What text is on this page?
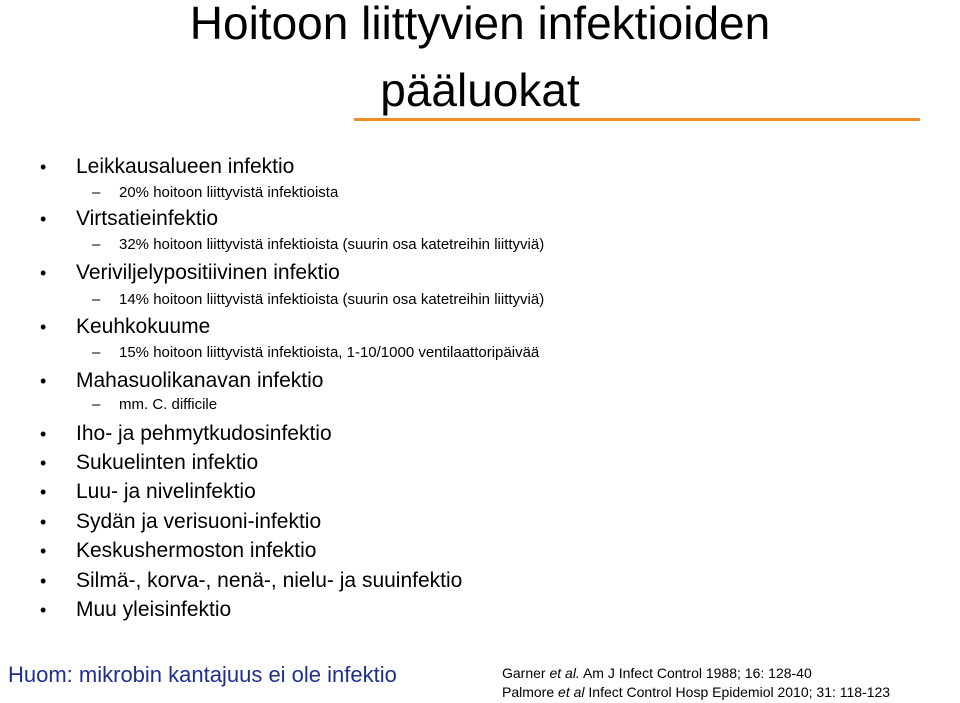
Hoitoon liittyvien infektioiden
pääluokat
• Leikkausalueen infektio
– 20% hoitoon liittyvistä infektioista
• Virtsatieinfektio
– 32% hoitoon liittyvistä infektioista (suurin osa katetreihin liittyviä)
• Veriviljelypositiivinen infektio
– 14% hoitoon liittyvistä infektioista (suurin osa katetreihin liittyviä)
• Keuhkokuume
– 15% hoitoon liittyvistä infektioista, 1-10/1000 ventilaattoripäivää
• Mahasuolikanavan infektio
– mm. C. difficile
• Iho- ja pehmytkudosinfektio
• Sukuelinten infektio
• Luu- ja nivelinfektio
• Sydän ja verisuoni-infektio
• Keskushermoston infektio
• Silmä-, korva-, nenä-, nielu- ja suuinfektio
• Muu yleisinfektio
Huom: mikrobin kantajuus ei ole infektio	Garner et al. Am J Infect Control 1988; 16: 128-40
Palmore et al Infect Control Hosp Epidemiol 2010; 31: 118-123
